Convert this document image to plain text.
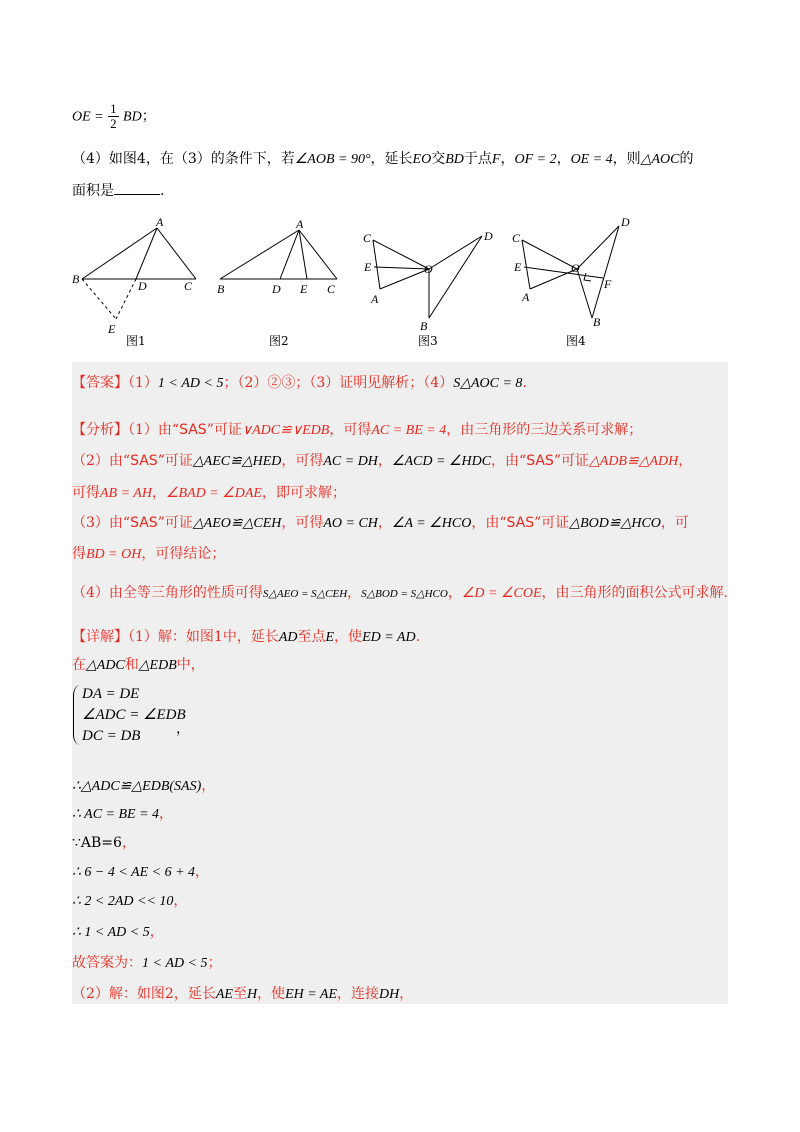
OE = $\frac{1}{2}$ BD；
（4）如图4，在（3）的条件下，若∠AOB = 90°，延长EO交BD于点F，OF = 2，OE = 4，则△AOC的
面积是	.
A
B	D	C
E
A
B	D E C
C	D
E	O
A
B
C
D
E	O
F
A
B
图1	图2	图3	图4
【答案】（1）1 < AD < 5；（2）②③；（3）证明见解析；（4）S△AOC = 8.
【分析】（1）由“SAS”可证∨ADC≌∨EDB，可得AC = BE = 4，由三角形的三边关系可求解；
（2）由“SAS”可证△AEC≌△HED，可得AC = DH，∠ACD = ∠HDC，由“SAS”可证△ADB≌△ADH，
可得AB = AH，∠BAD = ∠DAE，即可求解；
（3）由“SAS”可证△AEO≌△CEH，可得AO = CH，∠A = ∠HCO，由“SAS”可证△BOD≌△HCO，可
得BD = OH，可得结论；
（4）由全等三角形的性质可得S△AEO = S△CEH，S△BOD = S△HCO，∠D = ∠COE，由三角形的面积公式可求解.
【详解】（1）解：如图1中，延长AD至点E，使ED = AD.
在△ADC和△EDB中，
DA = DE
∠ADC = ∠EDB
DC = DB	，
∴△ADC≌△EDB(SAS)，
∴ AC = BE = 4，
∵AB=6，
∴ 6 − 4 < AE < 6 + 4，
∴ 2 < 2AD << 10，
∴ 1 < AD < 5，
故答案为：1 < AD < 5；
（2）解：如图2，延长AE至H，使EH = AE，连接DH，
